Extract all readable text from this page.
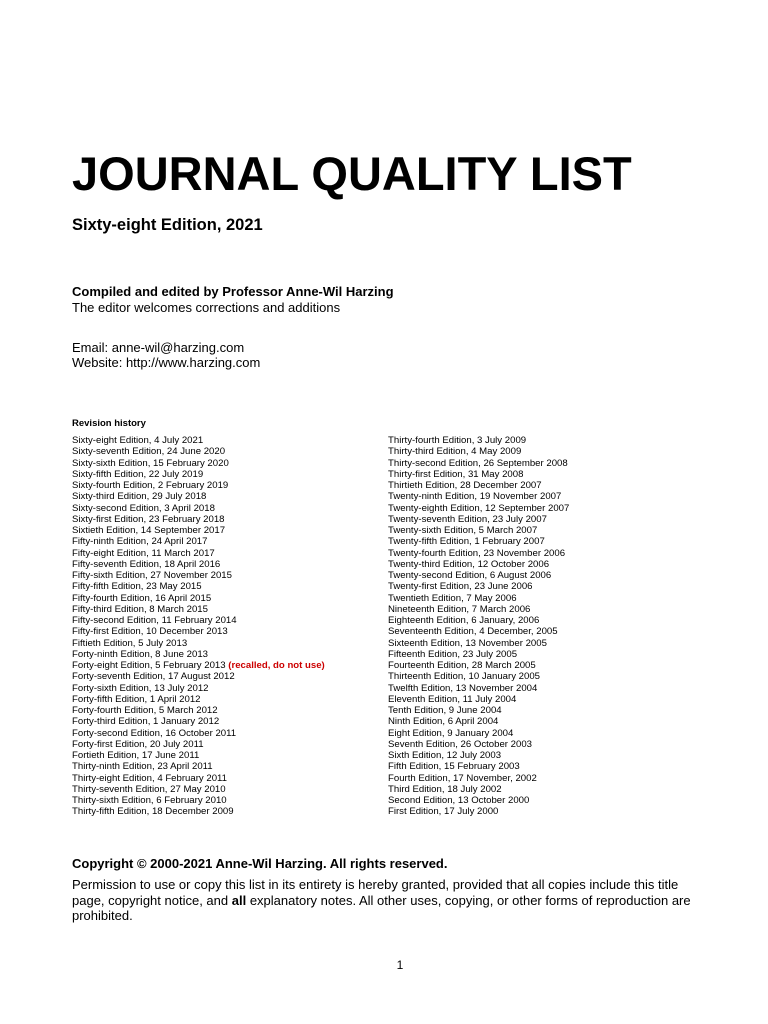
JOURNAL QUALITY LIST
Sixty-eight Edition, 2021
Compiled and edited by Professor Anne-Wil Harzing
The editor welcomes corrections and additions
Email: anne-wil@harzing.com
Website: http://www.harzing.com
Revision history
Sixty-eight Edition, 4 July 2021
Sixty-seventh Edition, 24 June 2020
Sixty-sixth Edition, 15 February 2020
Sixty-fifth Edition, 22 July 2019
Sixty-fourth Edition, 2 February 2019
Sixty-third Edition, 29 July 2018
Sixty-second Edition, 3 April 2018
Sixty-first Edition, 23 February 2018
Sixtieth Edition, 14 September 2017
Fifty-ninth Edition, 24 April 2017
Fifty-eight Edition, 11 March 2017
Fifty-seventh Edition, 18 April 2016
Fifty-sixth Edition, 27 November 2015
Fifty-fifth Edition, 23 May 2015
Fifty-fourth Edition, 16 April 2015
Fifty-third Edition, 8 March 2015
Fifty-second Edition, 11 February 2014
Fifty-first Edition, 10 December 2013
Fiftieth Edition, 5 July 2013
Forty-ninth Edition, 8 June 2013
Forty-eight Edition, 5 February 2013 (recalled, do not use)
Forty-seventh Edition, 17 August 2012
Forty-sixth Edition, 13 July 2012
Forty-fifth Edition, 1 April 2012
Forty-fourth Edition, 5 March 2012
Forty-third Edition, 1 January 2012
Forty-second Edition, 16 October 2011
Forty-first Edition, 20 July 2011
Fortieth Edition, 17 June 2011
Thirty-ninth Edition, 23 April 2011
Thirty-eight Edition, 4 February 2011
Thirty-seventh Edition, 27 May 2010
Thirty-sixth Edition, 6 February 2010
Thirty-fifth Edition, 18 December 2009
Thirty-fourth Edition, 3 July 2009
Thirty-third Edition, 4 May 2009
Thirty-second Edition, 26 September 2008
Thirty-first Edition, 31 May 2008
Thirtieth Edition, 28 December 2007
Twenty-ninth Edition, 19 November 2007
Twenty-eighth Edition, 12 September 2007
Twenty-seventh Edition, 23 July 2007
Twenty-sixth Edition, 5 March 2007
Twenty-fifth Edition, 1 February 2007
Twenty-fourth Edition, 23 November 2006
Twenty-third Edition, 12 October 2006
Twenty-second Edition, 6 August 2006
Twenty-first Edition, 23 June 2006
Twentieth Edition, 7 May 2006
Nineteenth Edition, 7 March 2006
Eighteenth Edition, 6 January, 2006
Seventeenth Edition, 4 December, 2005
Sixteenth Edition, 13 November 2005
Fifteenth Edition, 23 July 2005
Fourteenth Edition, 28 March 2005
Thirteenth Edition, 10 January 2005
Twelfth Edition, 13 November 2004
Eleventh Edition, 11 July 2004
Tenth Edition, 9 June 2004
Ninth Edition, 6 April 2004
Eight Edition, 9 January 2004
Seventh Edition, 26 October 2003
Sixth Edition, 12 July 2003
Fifth Edition, 15 February 2003
Fourth Edition, 17 November, 2002
Third Edition, 18 July 2002
Second Edition, 13 October 2000
First Edition, 17 July 2000
Copyright © 2000-2021 Anne-Wil Harzing. All rights reserved.
Permission to use or copy this list in its entirety is hereby granted, provided that all copies include this title page, copyright notice, and all explanatory notes. All other uses, copying, or other forms of reproduction are prohibited.
1
